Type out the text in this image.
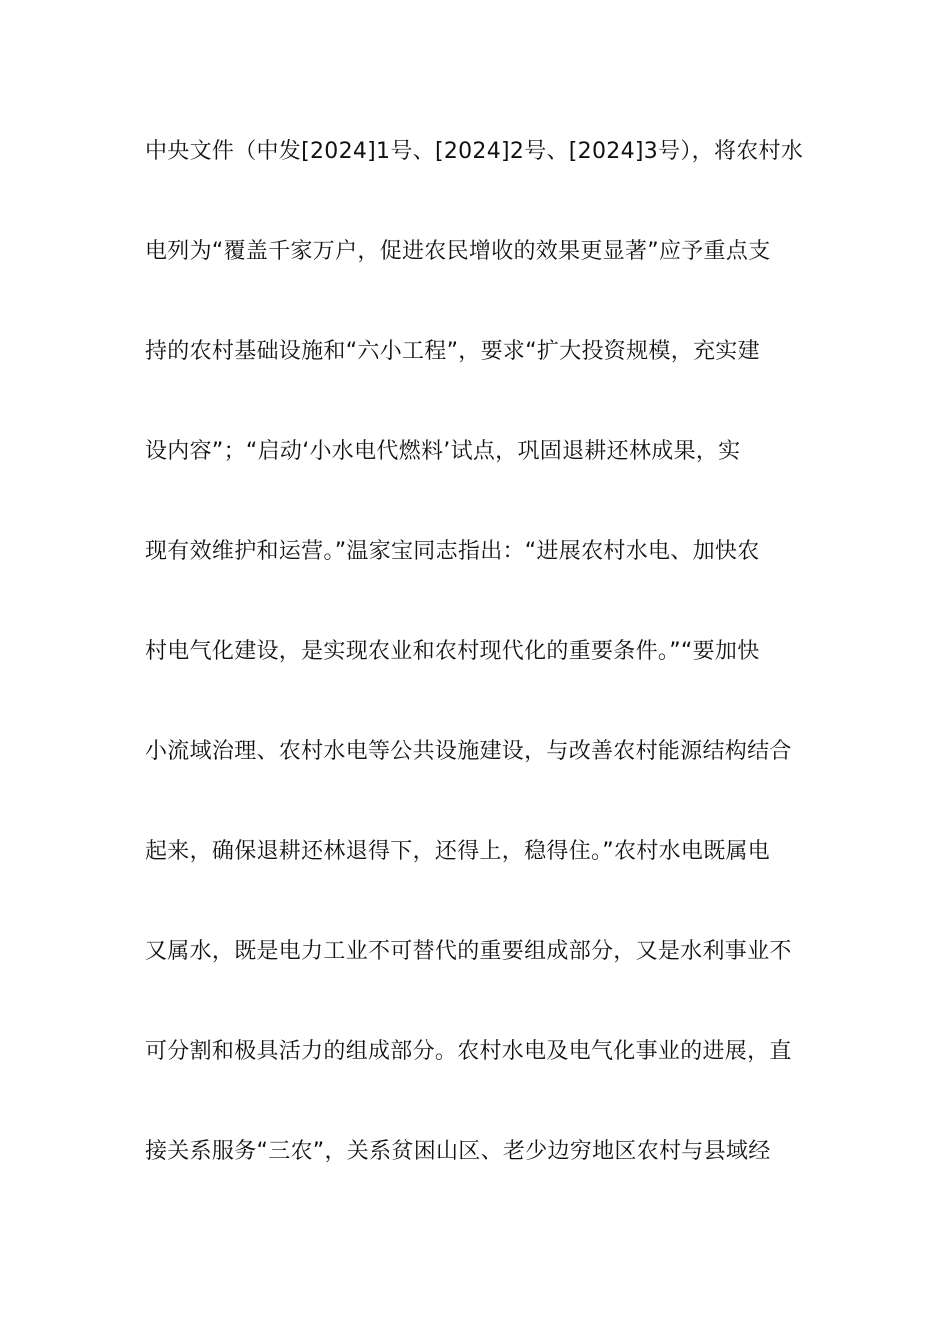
中央文件（中发[2024]1号、[2024]2号、[2024]3号），将农村水
电列为“覆盖千家万户，促进农民增收的效果更显著”应予重点支
持的农村基础设施和“六小工程”，要求“扩大投资规模，充实建
设内容”；“启动‘小水电代燃料’试点，巩固退耕还林成果，实
现有效维护和运营。”温家宝同志指出：“进展农村水电、加快农
村电气化建设，是实现农业和农村现代化的重要条件。”“要加快
小流域治理、农村水电等公共设施建设，与改善农村能源结构结合
起来，确保退耕还林退得下，还得上，稳得住。”农村水电既属电
又属水，既是电力工业不可替代的重要组成部分，又是水利事业不
可分割和极具活力的组成部分。农村水电及电气化事业的进展，直
接关系服务“三农”，关系贫困山区、老少边穷地区农村与县域经
